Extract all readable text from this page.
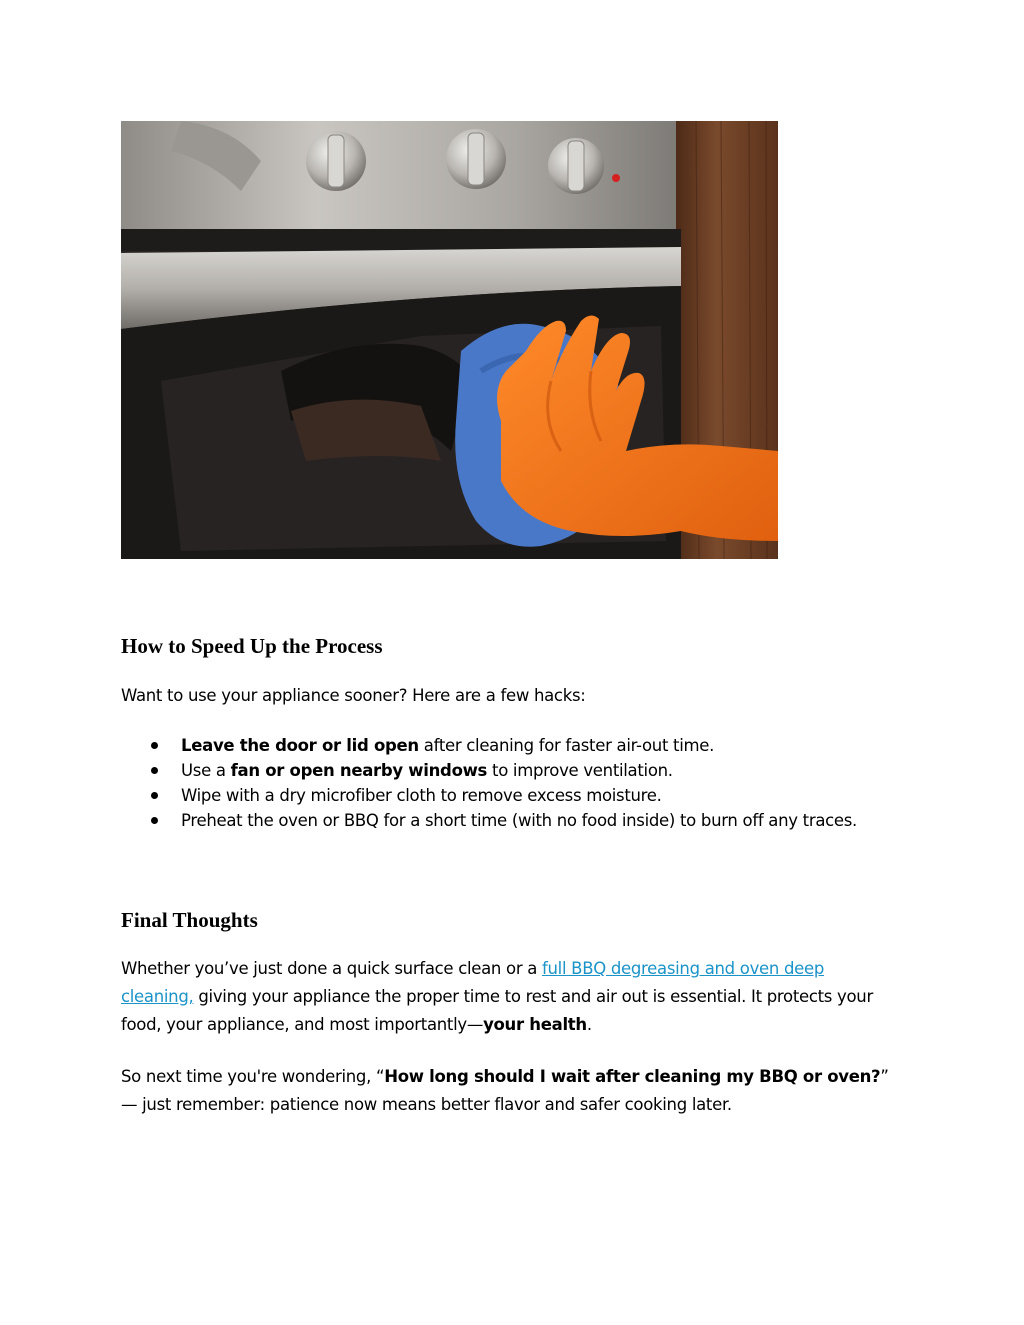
How to Speed Up the Process

Want to use your appliance sooner? Here are a few hacks:

Leave the door or lid open after cleaning for faster air-out time.
Use a fan or open nearby windows to improve ventilation.
Wipe with a dry microfiber cloth to remove excess moisture.
Preheat the oven or BBQ for a short time (with no food inside) to burn off any traces.
Final Thoughts

Whether you’ve just done a quick surface clean or a full BBQ degreasing and oven deep cleaning, giving your appliance the proper time to rest and air out is essential. It protects your food, your appliance, and most importantly—your health.

So next time you're wondering, “How long should I wait after cleaning my BBQ or oven?” — just remember: patience now means better flavor and safer cooking later.
